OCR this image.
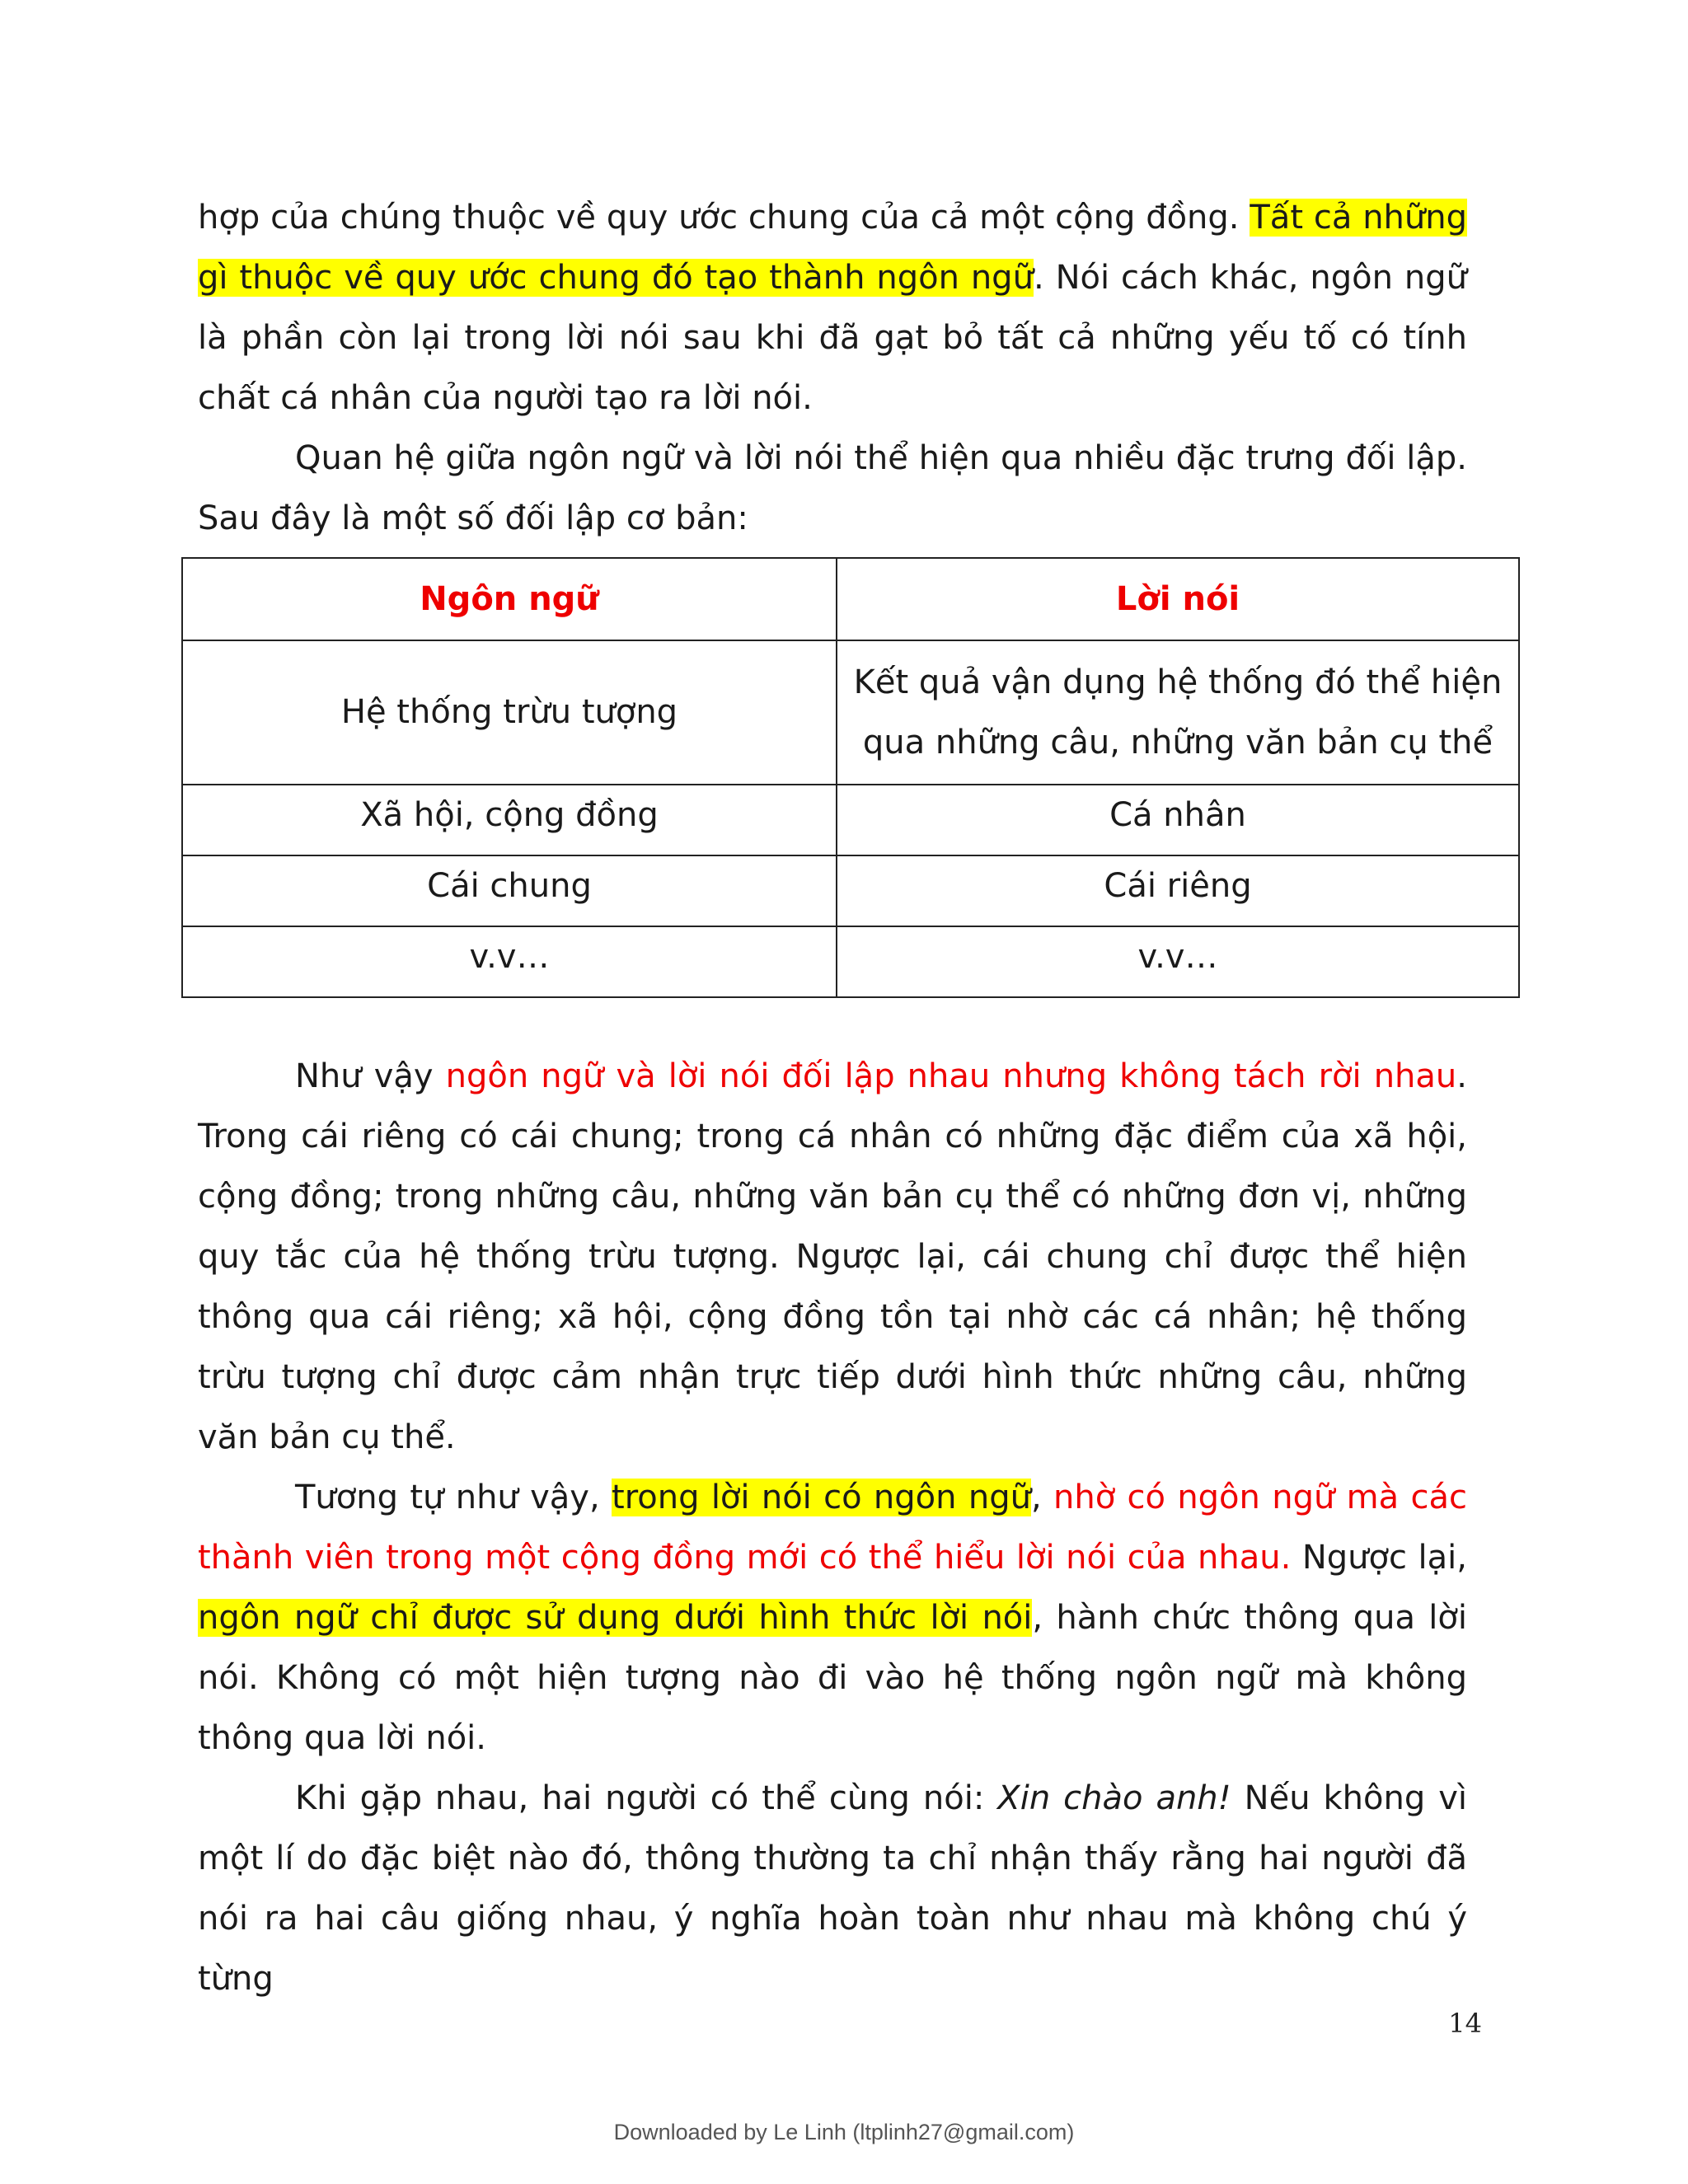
hợp của chúng thuộc về quy ước chung của cả một cộng đồng. Tất cả những gì thuộc về quy ước chung đó tạo thành ngôn ngữ. Nói cách khác, ngôn ngữ là phần còn lại trong lời nói sau khi đã gạt bỏ tất cả những yếu tố có tính chất cá nhân của người tạo ra lời nói.

Quan hệ giữa ngôn ngữ và lời nói thể hiện qua nhiều đặc trưng đối lập. Sau đây là một số đối lập cơ bản:

Ngôn ngữ	Lời nói
Hệ thống trừu tượng	Kết quả vận dụng hệ thống đó thể hiện qua những câu, những văn bản cụ thể
Xã hội, cộng đồng	Cá nhân
Cái chung	Cái riêng
v.v…	v.v…

Như vậy ngôn ngữ và lời nói đối lập nhau nhưng không tách rời nhau. Trong cái riêng có cái chung; trong cá nhân có những đặc điểm của xã hội, cộng đồng; trong những câu, những văn bản cụ thể có những đơn vị, những quy tắc của hệ thống trừu tượng. Ngược lại, cái chung chỉ được thể hiện thông qua cái riêng; xã hội, cộng đồng tồn tại nhờ các cá nhân; hệ thống trừu tượng chỉ được cảm nhận trực tiếp dưới hình thức những câu, những văn bản cụ thể.

Tương tự như vậy, trong lời nói có ngôn ngữ, nhờ có ngôn ngữ mà các thành viên trong một cộng đồng mới có thể hiểu lời nói của nhau. Ngược lại, ngôn ngữ chỉ được sử dụng dưới hình thức lời nói, hành chức thông qua lời nói. Không có một hiện tượng nào đi vào hệ thống ngôn ngữ mà không thông qua lời nói.

Khi gặp nhau, hai người có thể cùng nói: Xin chào anh! Nếu không vì một lí do đặc biệt nào đó, thông thường ta chỉ nhận thấy rằng hai người đã nói ra hai câu giống nhau, ý nghĩa hoàn toàn như nhau mà không chú ý từng

14
Downloaded by Le Linh (ltplinh27@gmail.com)
